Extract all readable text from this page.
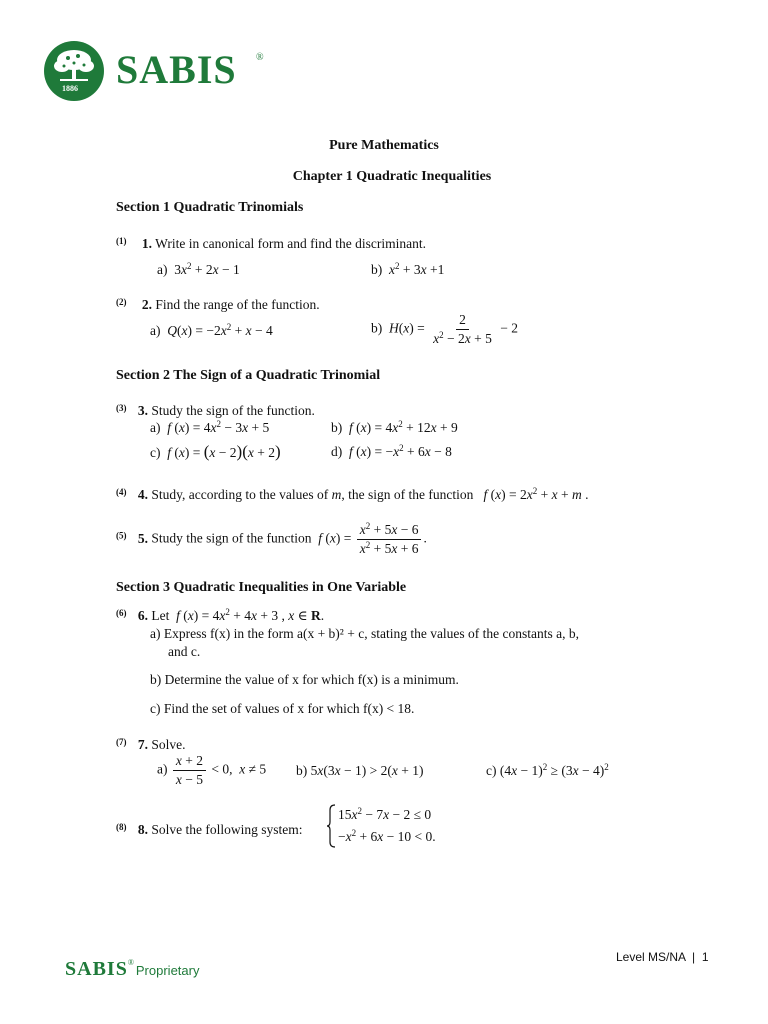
1886 SABIS ®
Pure Mathematics
Chapter 1 Quadratic Inequalities
Section 1 Quadratic Trinomials
$^{(1)}$ 1. Write in canonical form and find the discriminant.
a)  $3x^2 + 2x - 1$	b)  $x^2 + 3x +1$
$^{(2)}$ 2. Find the range of the function.
a)  $Q(x) = -2x^2 + x - 4$	b)  $H(x) = \frac{2}{x^2 - 2x + 5} - 2$
Section 2 The Sign of a Quadratic Trinomial
$^{(3)}$ 3. Study the sign of the function.
a)  f $(x) = 4x^2 - 3x + 5$	b)  f $(x) = 4x^2 + 12x + 9$
c)  f (x) = (x − 2)(x + 2)	d)  f $(x) = -x^2 + 6x - 8$
$^{(4)}$ 4. Study, according to the values of m, the sign of the function f $(x) = 2x^2 + x + m$ .
$^{(5)}$ 5. Study the sign of the function f $(x) = \frac{x^2 + 5x - 6}{x^2 + 5x + 6}$ .
Section 3 Quadratic Inequalities in One Variable
$^{(6)}$ 6. Let f $(x) = 4x^2 + 4x + 3$ , x ∈ R.
a) Express f(x) in the form a(x + b)² + c, stating the values of the constants a, b,
and c.
b) Determine the value of x for which f(x) is a minimum.
c) Find the set of values of x for which f(x) < 18.
$^{(7)}$ 7. Solve.
$a) \frac{x + 2}{x - 5} < 0$,  x ≠ 5 b) 5x(3x − 1) > 2(x + 1)	c) $(4x - 1)^2 \ge (3x - 4)^2$
$^{(8)}$ 8. Solve the following system:
$15x^2 - 7x - 2 \le 0$
$-x^2 + 6x - 10 < 0$.
Level MS/NA  |  1
SABIS®Proprietary
